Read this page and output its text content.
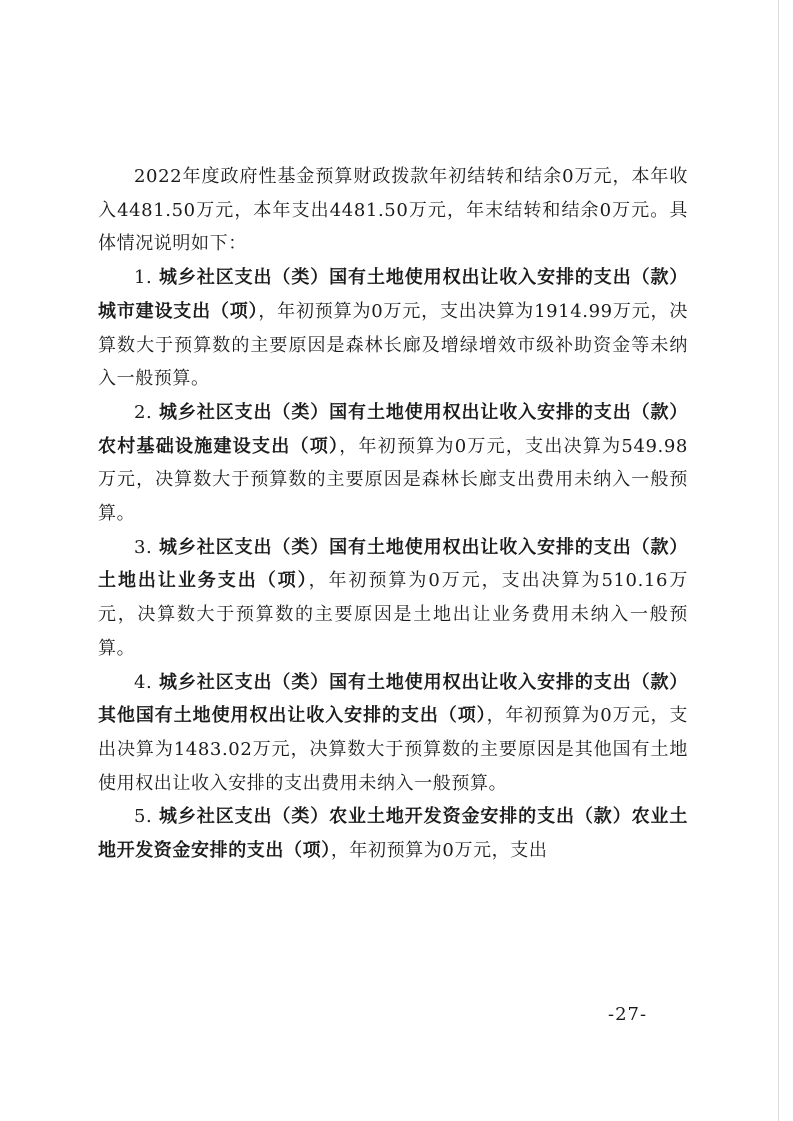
2022年度政府性基金预算财政拨款年初结转和结余0万元，本年收入4481.50万元，本年支出4481.50万元，年末结转和结余0万元。具体情况说明如下：

1. 城乡社区支出（类）国有土地使用权出让收入安排的支出（款）城市建设支出（项），年初预算为0万元，支出决算为1914.99万元，决算数大于预算数的主要原因是森林长廊及增绿增效市级补助资金等未纳入一般预算。

2. 城乡社区支出（类）国有土地使用权出让收入安排的支出（款）农村基础设施建设支出（项），年初预算为0万元，支出决算为549.98万元，决算数大于预算数的主要原因是森林长廊支出费用未纳入一般预算。

3. 城乡社区支出（类）国有土地使用权出让收入安排的支出（款）土地出让业务支出（项），年初预算为0万元，支出决算为510.16万元，决算数大于预算数的主要原因是土地出让业务费用未纳入一般预算。

4. 城乡社区支出（类）国有土地使用权出让收入安排的支出（款）其他国有土地使用权出让收入安排的支出（项），年初预算为0万元，支出决算为1483.02万元，决算数大于预算数的主要原因是其他国有土地使用权出让收入安排的支出费用未纳入一般预算。

5. 城乡社区支出（类）农业土地开发资金安排的支出（款）农业土地开发资金安排的支出（项），年初预算为0万元，支出

-27-
